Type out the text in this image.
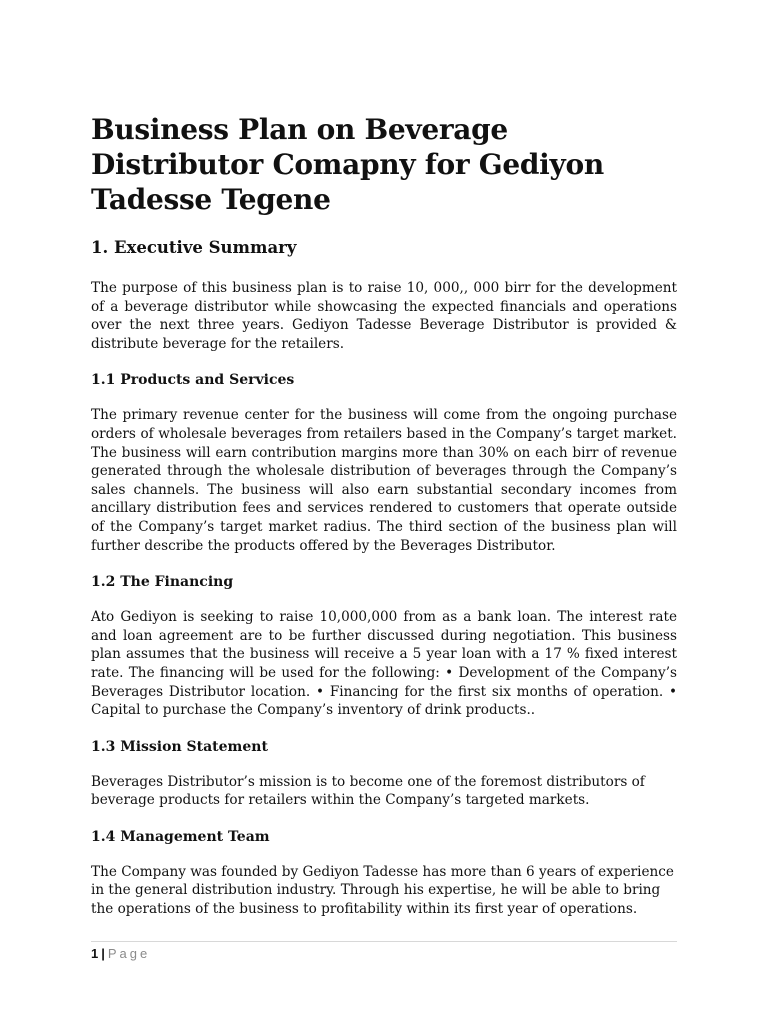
Business Plan on Beverage Distributor Comapny for Gediyon Tadesse Tegene
1. Executive Summary

The purpose of this business plan is to raise 10, 000,, 000 birr for the development of a beverage distributor while showcasing the expected financials and operations over the next three years. Gediyon Tadesse Beverage Distributor is provided & distribute beverage for the retailers.

1.1 Products and Services

The primary revenue center for the business will come from the ongoing purchase orders of wholesale beverages from retailers based in the Company’s target market. The business will earn contribution margins more than 30% on each birr of revenue generated through the wholesale distribution of beverages through the Company’s sales channels. The business will also earn substantial secondary incomes from ancillary distribution fees and services rendered to customers that operate outside of the Company’s target market radius. The third section of the business plan will further describe the products offered by the Beverages Distributor.

1.2 The Financing

Ato Gediyon is seeking to raise 10,000,000 from as a bank loan. The interest rate and loan agreement are to be further discussed during negotiation. This business plan assumes that the business will receive a 5 year loan with a 17 % fixed interest rate. The financing will be used for the following: • Development of the Company’s Beverages Distributor location. • Financing for the first six months of operation. • Capital to purchase the Company’s inventory of drink products..

1.3 Mission Statement

Beverages Distributor’s mission is to become one of the foremost distributors of beverage products for retailers within the Company’s targeted markets.

1.4 Management Team

The Company was founded by Gediyon Tadesse has more than 6 years of experience in the general distribution industry. Through his expertise, he will be able to bring the operations of the business to profitability within its first year of operations.

1 | Page
